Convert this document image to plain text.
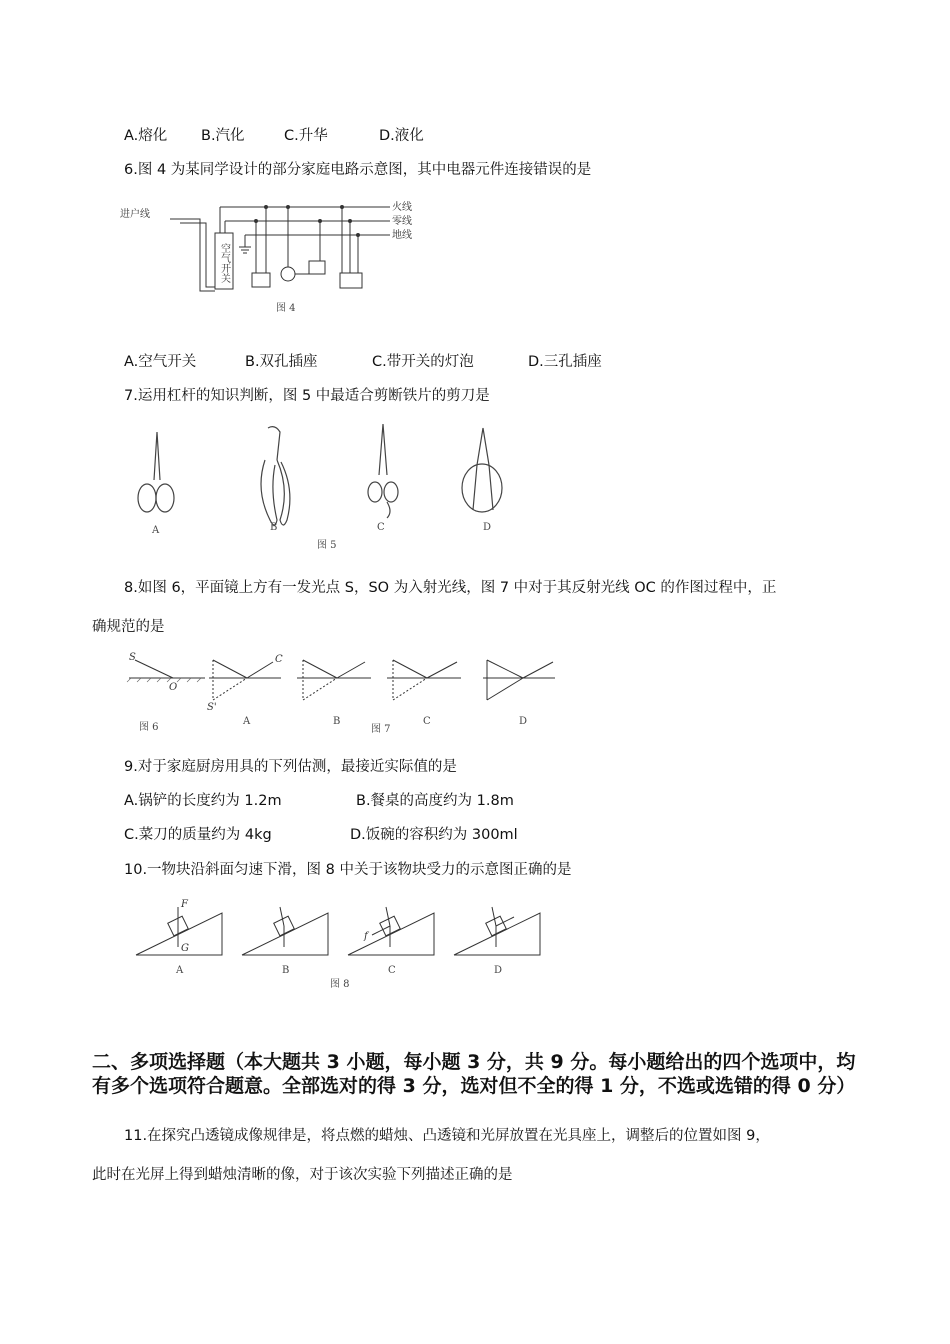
A.熔化 B.汽化	C.升华	D.液化
6.图 4 为某同学设计的部分家庭电路示意图，其中电器元件连接错误的是
进户线
火线
零线
地线
空气开关
图 4
A.空气开关	B.双孔插座	C.带开关的灯泡	D.三孔插座
7.运用杠杆的知识判断，图 5 中最适合剪断铁片的剪刀是
A	B	C	D
图 5
8.如图 6，平面镜上方有一发光点 S，SO 为入射光线，图 7 中对于其反射光线 OC 的作图过程中，正
确规范的是
S
O
S'
C
图 6
A	B	C	D
图 7
9.对于家庭厨房用具的下列估测，最接近实际值的是
A.锅铲的长度约为 1.2m	B.餐桌的高度约为 1.8m
C.菜刀的质量约为 4kg	D.饭碗的容积约为 300ml
10.一物块沿斜面匀速下滑，图 8 中关于该物块受力的示意图正确的是
F
G
f
A	B	C	D
图 8
二、多项选择题（本大题共 3 小题，每小题 3 分，共 9 分。每小题给出的四个选项中，均有多个选项符合题意。全部选对的得 3 分，选对但不全的得 1 分，不选或选错的得 0 分）
11.在探究凸透镜成像规律是，将点燃的蜡烛、凸透镜和光屏放置在光具座上，调整后的位置如图 9，
此时在光屏上得到蜡烛清晰的像，对于该次实验下列描述正确的是
